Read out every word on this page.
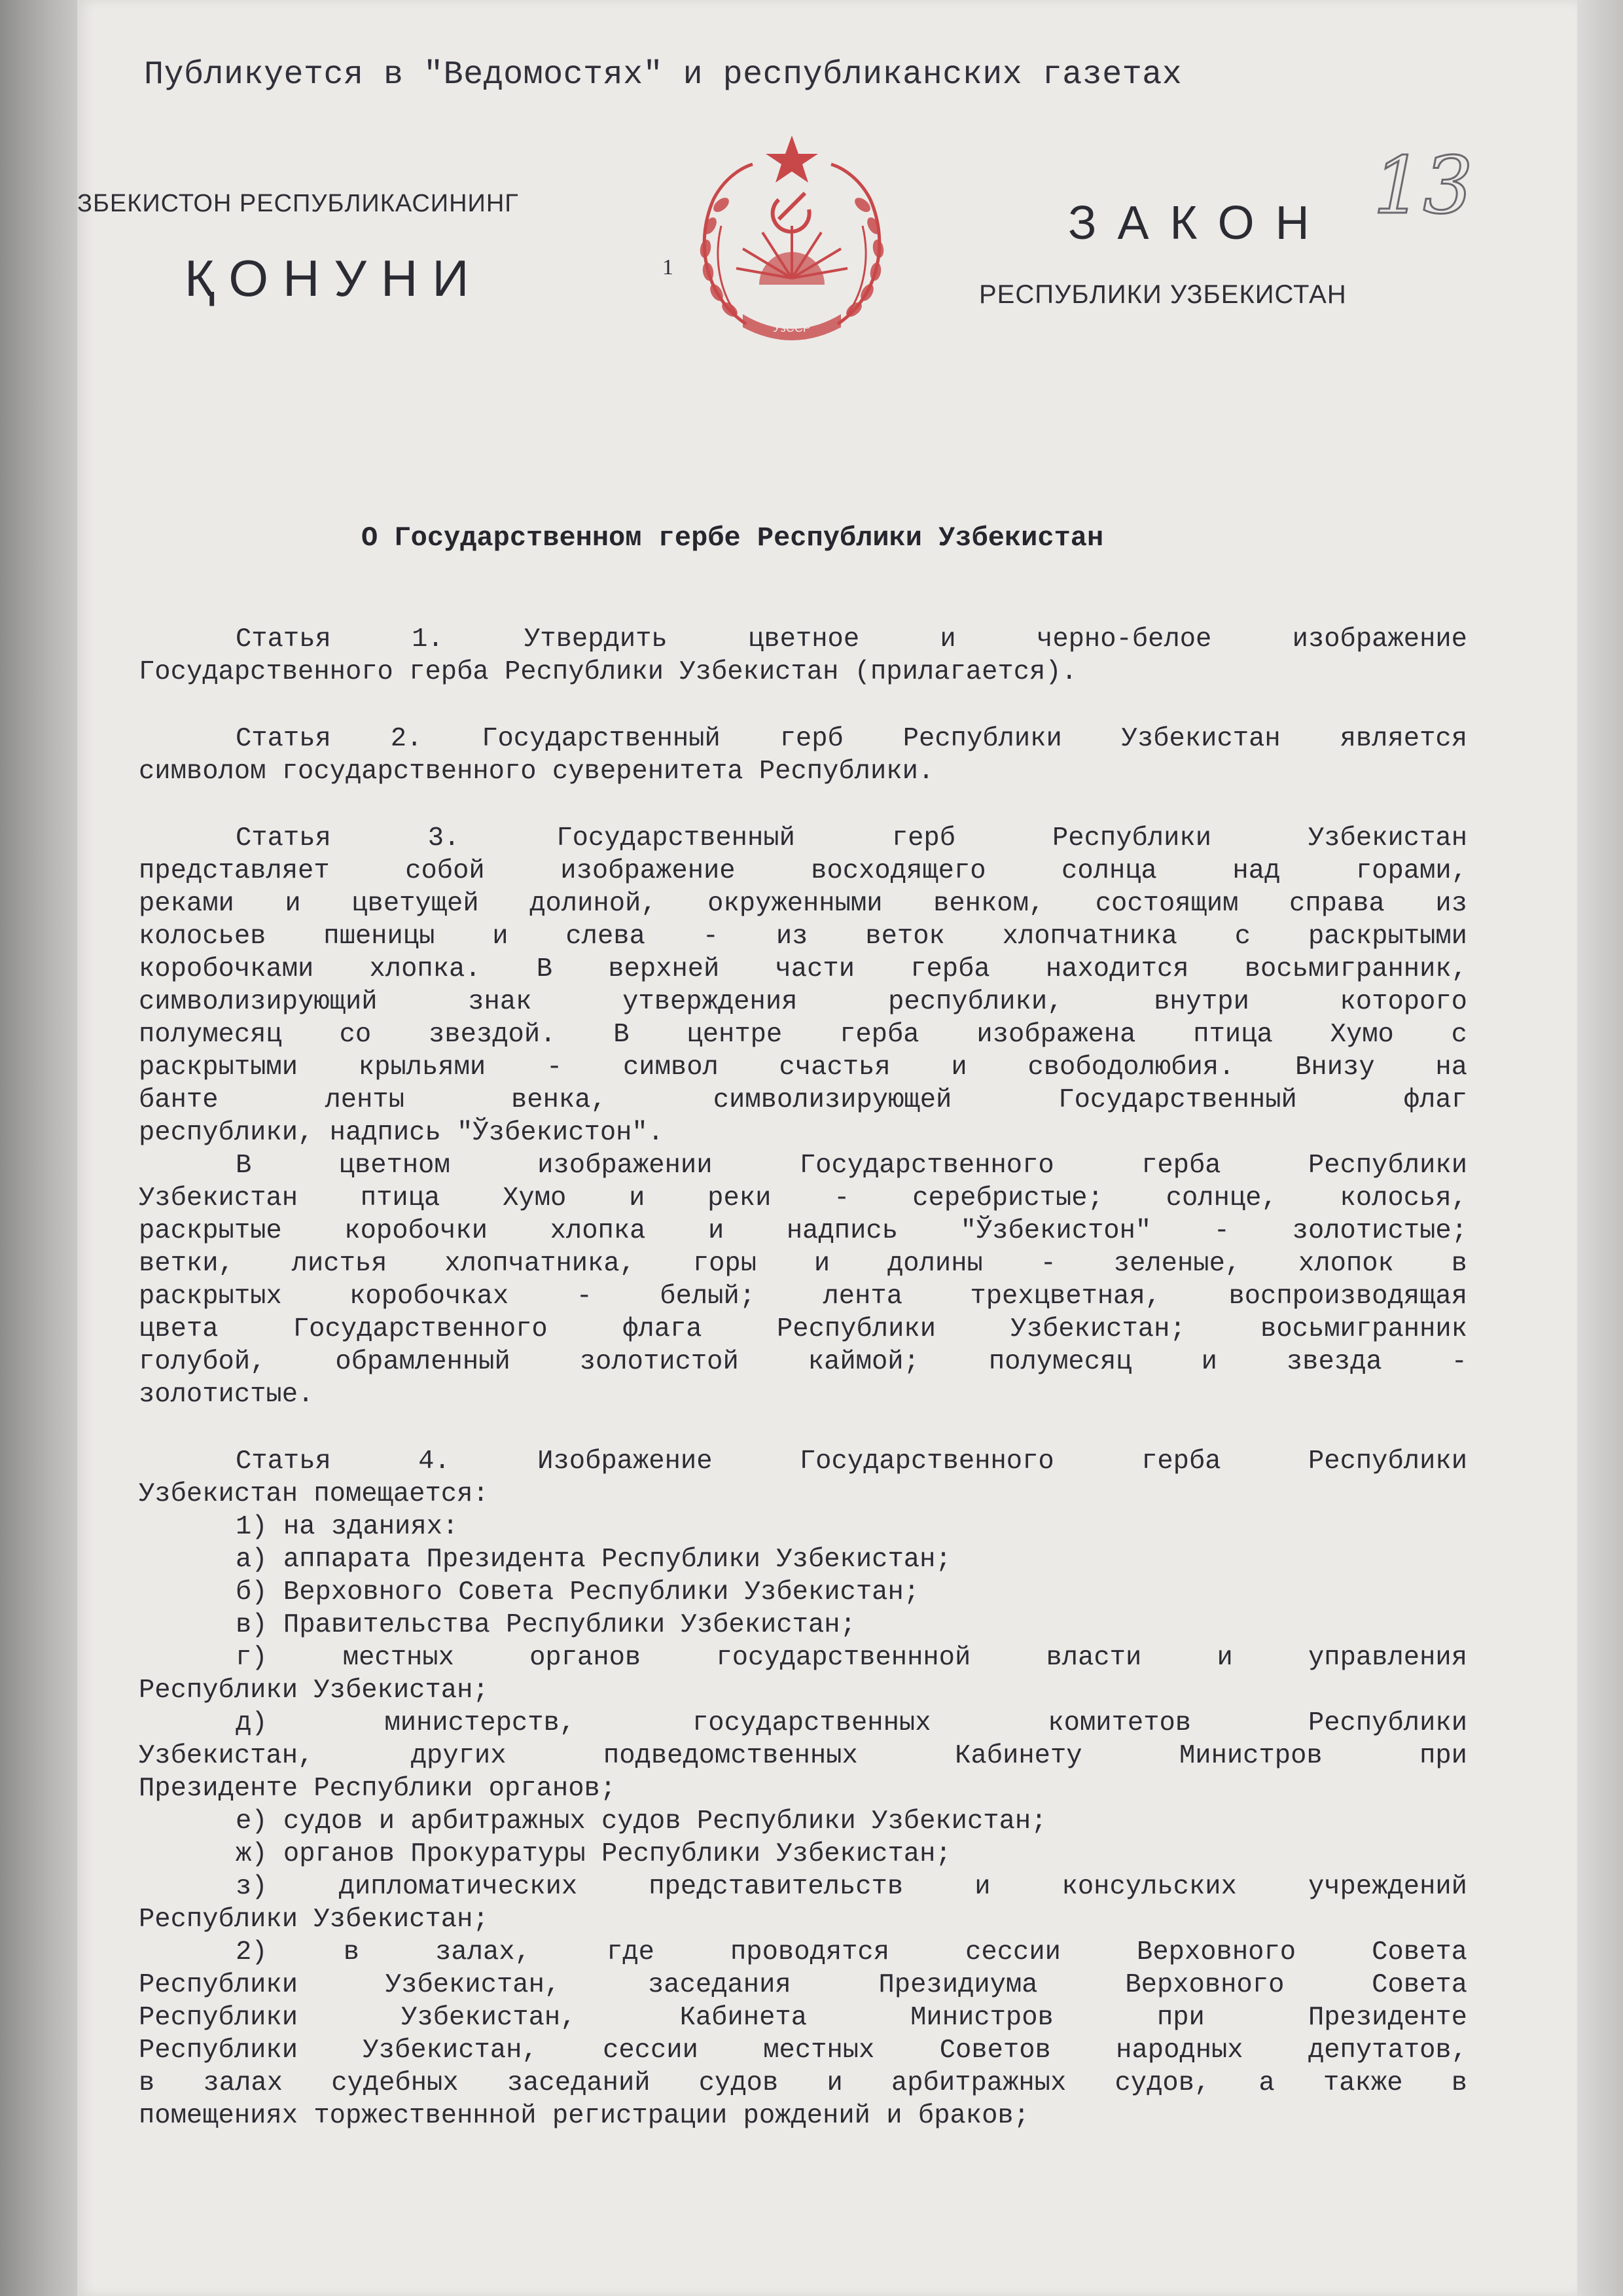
Публикуется в "Ведомостях" и республиканских газетах
ЗБЕКИСТОН РЕСПУБЛИКАСИНИНГ
ҚОНУНИ	1
ЗАКОН
РЕСПУБЛИКИ УЗБЕКИСТАН
ЎзССР
13
О Государственном гербе Республики Узбекистан
Статья 1. Утвердить цветное и черно-белое изображение
Государственного герба Республики Узбекистан (прилагается).
Статья 2. Государственный герб Республики Узбекистан является
символом государственного суверенитета Республики.
Статья 3. Государственный герб Республики Узбекистан
представляет собой изображение восходящего солнца над горами,
реками и цветущей долиной, окруженными венком, состоящим справа из
колосьев пшеницы и слева - из веток хлопчатника с раскрытыми
коробочками хлопка. В верхней части герба находится восьмигранник,
символизирующий знак утверждения республики, внутри которого
полумесяц со звездой. В центре герба изображена птица Хумо с
раскрытыми крыльями - символ счастья и свободолюбия. Внизу на
банте ленты венка, символизирующей Государственный флаг
республики, надпись "Ўзбекистон".
В цветном изображении Государственного герба Республики
Узбекистан птица Хумо и реки - серебристые; солнце, колосья,
раскрытые коробочки хлопка и надпись "Ўзбекистон" - золотистые;
ветки, листья хлопчатника, горы и долины - зеленые, хлопок в
раскрытых коробочках - белый; лента трехцветная, воспроизводящая
цвета Государственного флага Республики Узбекистан; восьмигранник
голубой, обрамленный золотистой каймой; полумесяц и звезда -
золотистые.
Статья 4. Изображение Государственного герба Республики
Узбекистан помещается:
1) на зданиях:
а) аппарата Президента Республики Узбекистан;
б) Верховного Совета Республики Узбекистан;
в) Правительства Республики Узбекистан;
г) местных органов государственнной власти и управления
Республики Узбекистан;
д) министерств, государственных комитетов Республики
Узбекистан, других подведомственных Кабинету Министров при
Президенте Республики органов;
е) судов и арбитражных судов Республики Узбекистан;
ж) органов Прокуратуры Республики Узбекистан;
з) дипломатических представительств и консульских учреждений
Республики Узбекистан;
2) в залах, где проводятся сессии Верховного Совета
Республики Узбекистан, заседания Президиума Верховного Совета
Республики Узбекистан, Кабинета Министров при Президенте
Республики Узбекистан, сессии местных Советов народных депутатов,
в залах судебных заседаний судов и арбитражных судов, а также в
помещениях торжественнной регистрации рождений и браков;
